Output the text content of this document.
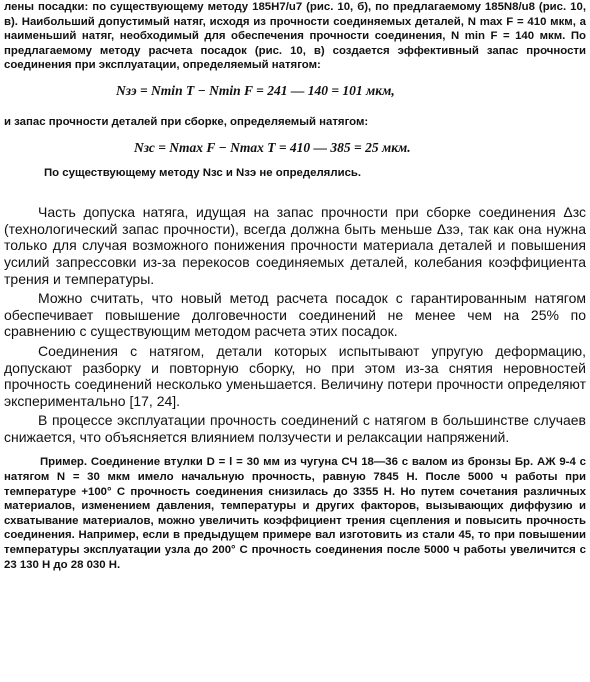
лены посадки: по существующему методу 185H7/u7 (рис. 10, б), по предлагаемому 185N8/u8 (рис. 10, в). Наибольший допустимый натяг, исходя из прочности соединяемых деталей, N max F = 410 мкм, а наименьший натяг, необходимый для обеспечения прочности соединения, N min F = 140 мкм. По предлагаемому методу расчета посадок (рис. 10, в) создается эффективный запас прочности соединения при эксплуатации, определяемый натягом:

Nзэ = Nmin T − Nmin F = 241 — 140 = 101 мкм,

и запас прочности деталей при сборке, определяемый натягом:

Nзс = Nmax F − Nmax T = 410 — 385 = 25 мкм.

По существующему методу Nзс и Nзэ не определялись.

Часть допуска натяга, идущая на запас прочности при сборке соединения Δзс (технологический запас прочности), всегда должна быть меньше Δзэ, так как она нужна только для случая возможного понижения прочности материала деталей и повышения усилий запрессовки из-за перекосов соединяемых деталей, колебания коэффициента трения и температуры.

Можно считать, что новый метод расчета посадок с гарантированным натягом обеспечивает повышение долговечности соединений не менее чем на 25% по сравнению с существующим методом расчета этих посадок.

Соединения с натягом, детали которых испытывают упругую деформацию, допускают разборку и повторную сборку, но при этом из-за снятия неровностей прочность соединений несколько уменьшается. Величину потери прочности определяют экспериментально [17, 24].

В процессе эксплуатации прочность соединений с натягом в большинстве случаев снижается, что объясняется влиянием ползучести и релаксации напряжений.

Пример. Соединение втулки D = l = 30 мм из чугуна СЧ 18—36 с валом из бронзы Бр. АЖ 9-4 с натягом N = 30 мкм имело начальную прочность, равную 7845 Н. После 5000 ч работы при температуре +100° С прочность соединения снизилась до 3355 Н. Но путем сочетания различных материалов, изменением давления, температуры и других факторов, вызывающих диффузию и схватывание материалов, можно увеличить коэффициент трения сцепления и повысить прочность соединения. Например, если в предыдущем примере вал изготовить из стали 45, то при повышении температуры эксплуатации узла до 200° С прочность соединения после 5000 ч работы увеличится с 23 130 Н до 28 030 Н.
